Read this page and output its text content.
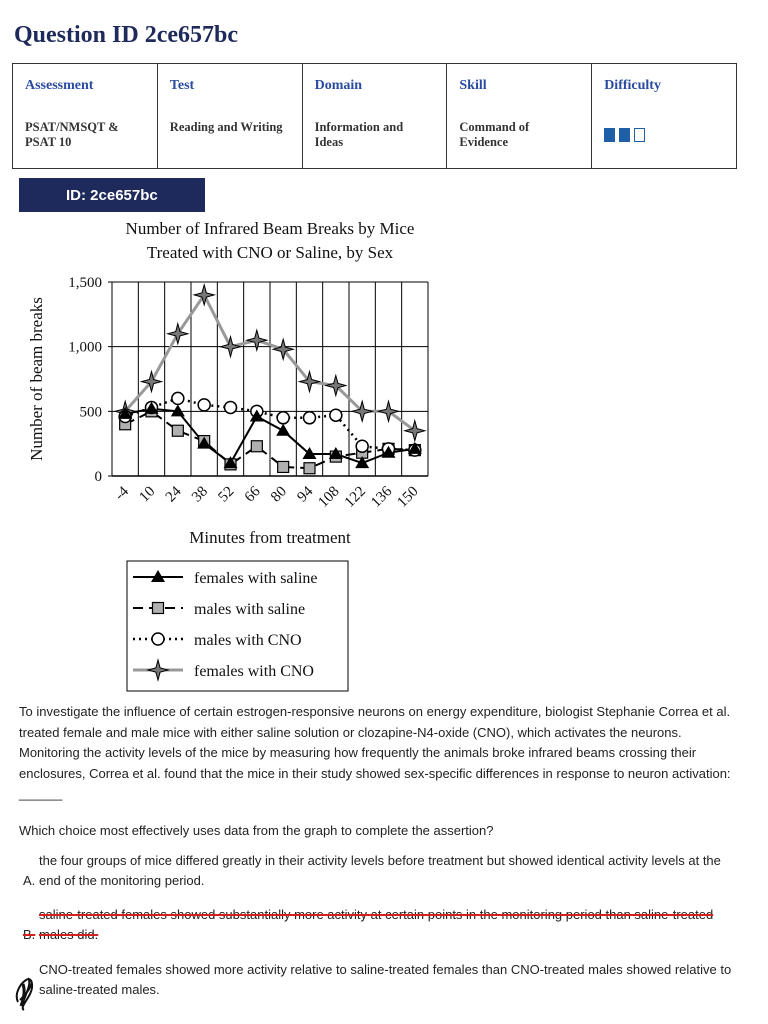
Question ID 2ce657bc
Assessment
PSAT/NMSQT & PSAT 10
Test
Reading and Writing
Domain
Information and Ideas
Skill
Command of Evidence
Difficulty
ID: 2ce657bc
Number of Infrared Beam Breaks by Mice
Treated with CNO or Saline, by Sex
0
500
1,000
1,500
-4 10 24 38 52 66 80 94 108 122 136 150
Minutes from treatment
Number of beam breaks
females with saline
males with saline
males with CNO
females with CNO
To investigate the influence of certain estrogen-responsive neurons on energy expenditure, biologist Stephanie Correa et al. treated female and male mice with either saline solution or clozapine-N4-oxide (CNO), which activates the neurons. Monitoring the activity levels of the mice by measuring how frequently the animals broke infrared beams crossing their enclosures, Correa et al. found that the mice in their study showed sex-specific differences in response to neuron activation:
______
Which choice most effectively uses data from the graph to complete the assertion?
A.
the four groups of mice differed greatly in their activity levels before treatment but showed identical activity levels at the end of the monitoring period.
B.
saline-treated females showed substantially more activity at certain points in the monitoring period than saline-treated males did.
CNO-treated females showed more activity relative to saline-treated females than CNO-treated males showed relative to saline-treated males.
